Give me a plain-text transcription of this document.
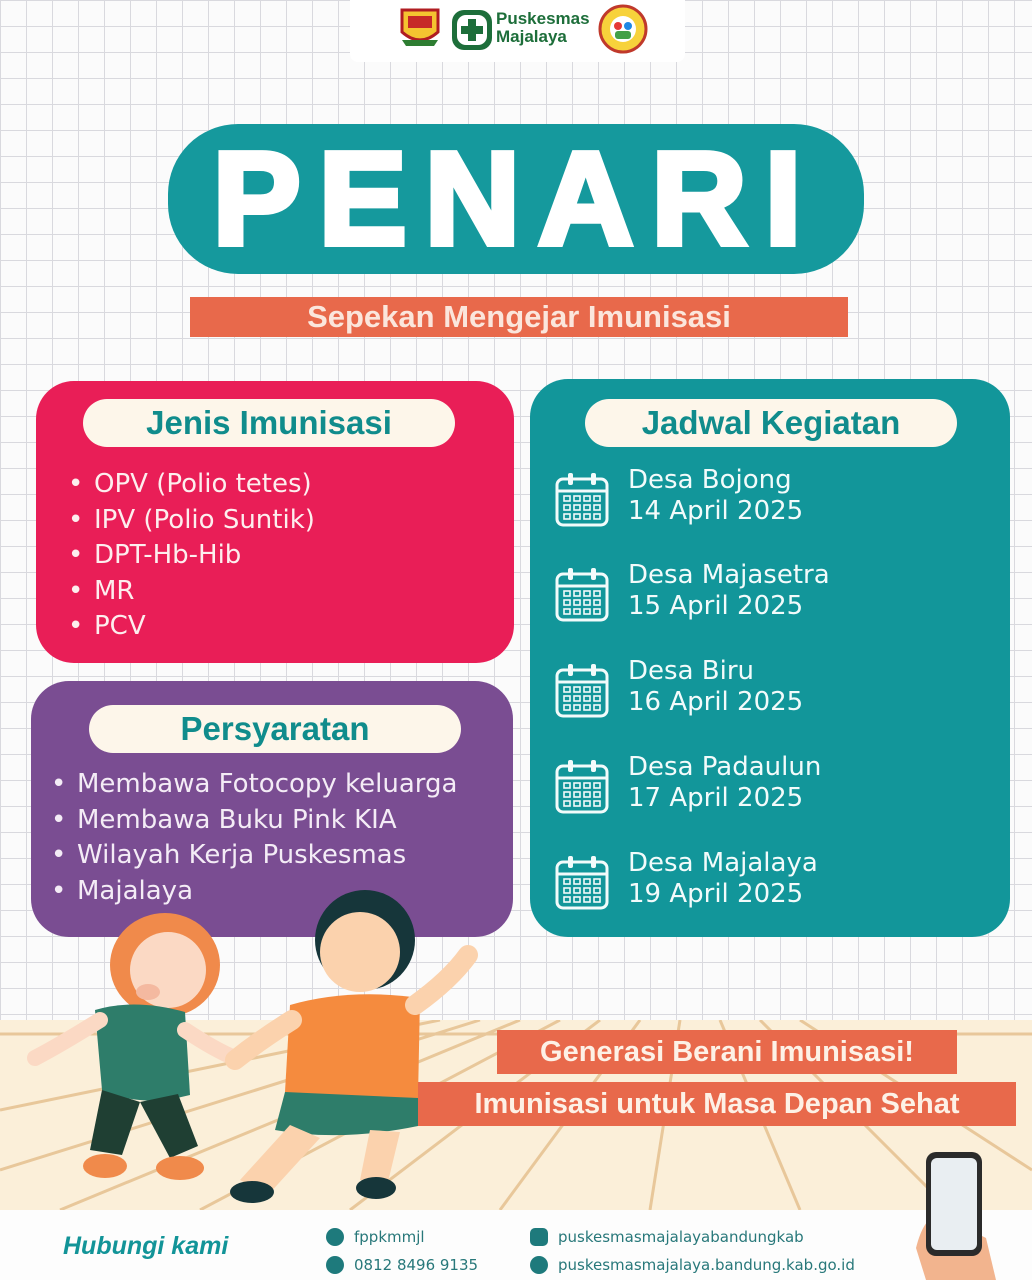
Puskesmas
Majalaya
PENARI
Sepekan Mengejar Imunisasi
Jenis Imunisasi
• OPV (Polio tetes)
• IPV (Polio Suntik)
• DPT-Hb-Hib
• MR
• PCV
Persyaratan
• Membawa Fotocopy keluarga
• Membawa Buku Pink KIA
• Wilayah Kerja Puskesmas
• Majalaya
Jadwal Kegiatan
Desa Bojong
14 April 2025
Desa Majasetra
15 April 2025
Desa Biru
16 April 2025
Desa Padaulun
17 April 2025
Desa Majalaya
19 April 2025
Generasi Berani Imunisasi!
Imunisasi untuk Masa Depan Sehat
Hubungi kami	fppkmmjl
0812 8496 9135
puskesmasmajalayabandungkab
puskesmasmajalaya.bandung.kab.go.id
